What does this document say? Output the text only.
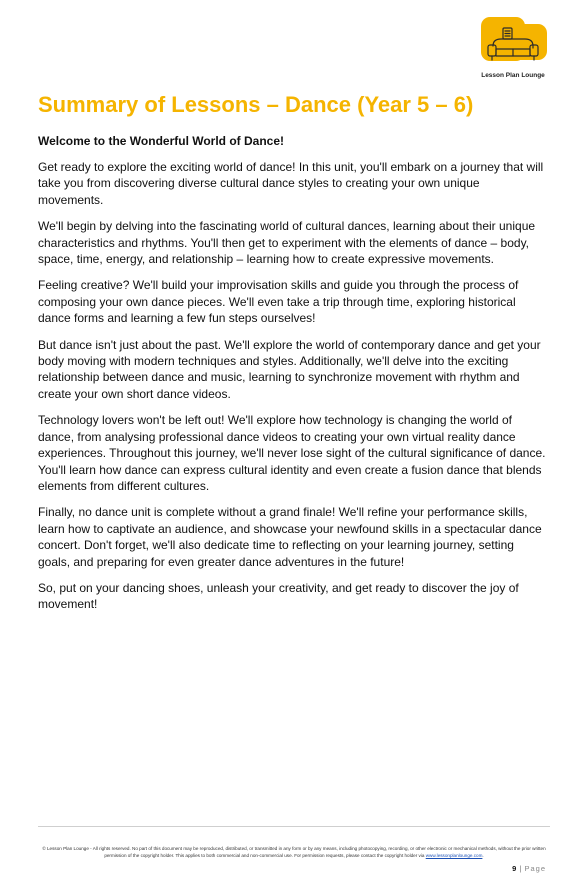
Lesson Plan Lounge
Summary of Lessons – Dance (Year 5 – 6)

Welcome to the Wonderful World of Dance!

Get ready to explore the exciting world of dance! In this unit, you'll embark on a journey that will take you from discovering diverse cultural dance styles to creating your own unique movements.

We'll begin by delving into the fascinating world of cultural dances, learning about their unique characteristics and rhythms. You'll then get to experiment with the elements of dance – body, space, time, energy, and relationship – learning how to create expressive movements.

Feeling creative? We'll build your improvisation skills and guide you through the process of composing your own dance pieces. We'll even take a trip through time, exploring historical dance forms and learning a few fun steps ourselves!

But dance isn't just about the past. We'll explore the world of contemporary dance and get your body moving with modern techniques and styles. Additionally, we'll delve into the exciting relationship between dance and music, learning to synchronize movement with rhythm and create your own short dance videos.

Technology lovers won't be left out! We'll explore how technology is changing the world of dance, from analysing professional dance videos to creating your own virtual reality dance experiences. Throughout this journey, we'll never lose sight of the cultural significance of dance. You'll learn how dance can express cultural identity and even create a fusion dance that blends elements from different cultures.

Finally, no dance unit is complete without a grand finale! We'll refine your performance skills, learn how to captivate an audience, and showcase your newfound skills in a spectacular dance concert. Don't forget, we'll also dedicate time to reflecting on your learning journey, setting goals, and preparing for even greater dance adventures in the future!

So, put on your dancing shoes, unleash your creativity, and get ready to discover the joy of movement!

© Lesson Plan Lounge - All rights reserved. No part of this document may be reproduced, distributed, or transmitted in any form or by any means, including photocopying, recording, or other electronic or mechanical methods, without the prior written permission of the copyright holder. This applies to both commercial and non-commercial use. For permission requests, please contact the copyright holder via www.lessonplanlounge.com.

9 | Page
